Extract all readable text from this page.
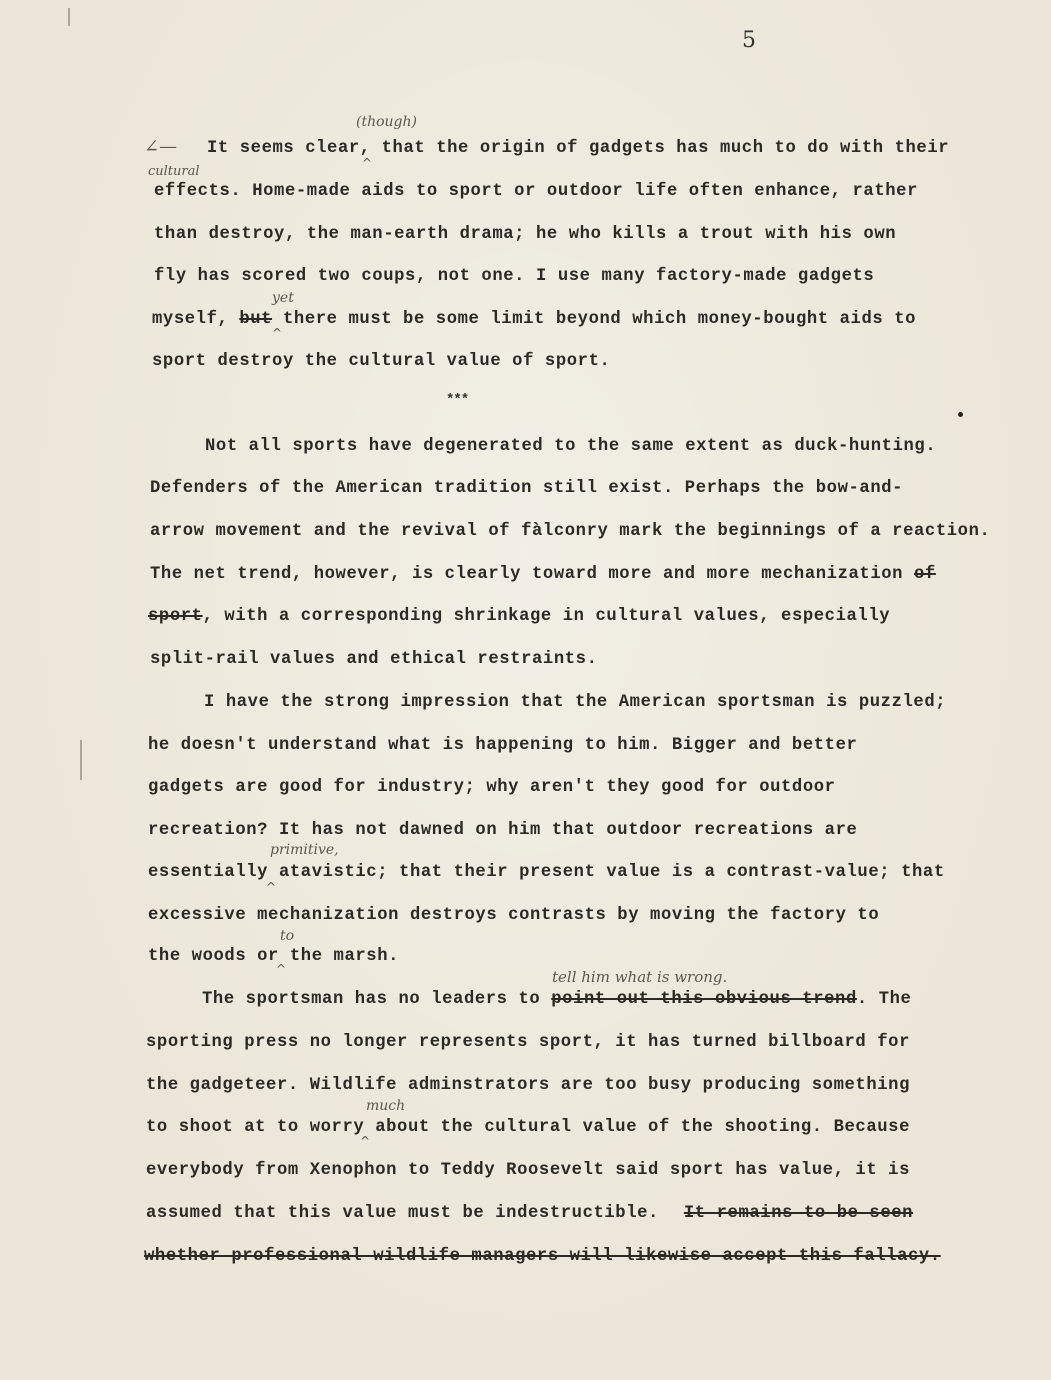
5
∠— It seems clear, that the origin of gadgets has much to do with their
(though)
^
cultural
effects. Home-made aids to sport or outdoor life often enhance, rather
than destroy, the man-earth drama; he who kills a trout with his own
fly has scored two coups, not one. I use many factory-made gadgets
yet
myself, but there must be some limit beyond which money-bought aids to
^
sport destroy the cultural value of sport.
***
Not all sports have degenerated to the same extent as duck-hunting.
Defenders of the American tradition still exist. Perhaps the bow-and-
arrow movement and the revival of fàlconry mark the beginnings of a reaction.
The net trend, however, is clearly toward more and more mechanization of
sport, with a corresponding shrinkage in cultural values, especially
split-rail values and ethical restraints.
I have the strong impression that the American sportsman is puzzled;
he doesn't understand what is happening to him. Bigger and better
gadgets are good for industry; why aren't they good for outdoor
recreation? It has not dawned on him that outdoor recreations are
primitive,
essentially atavistic; that their present value is a contrast-value; that
^
excessive mechanization destroys contrasts by moving the factory to
to
the woods or the marsh.
^	tell him what is wrong.
The sportsman has no leaders to point out this obvious trend. The
sporting press no longer represents sport, it has turned billboard for
the gadgeteer. Wildlife adminstrators are too busy producing something
much
to shoot at to worry about the cultural value of the shooting. Because
^
everybody from Xenophon to Teddy Roosevelt said sport has value, it is
assumed that this value must be indestructible. It remains to be seen
whether professional wildlife managers will likewise accept this fallacy.
